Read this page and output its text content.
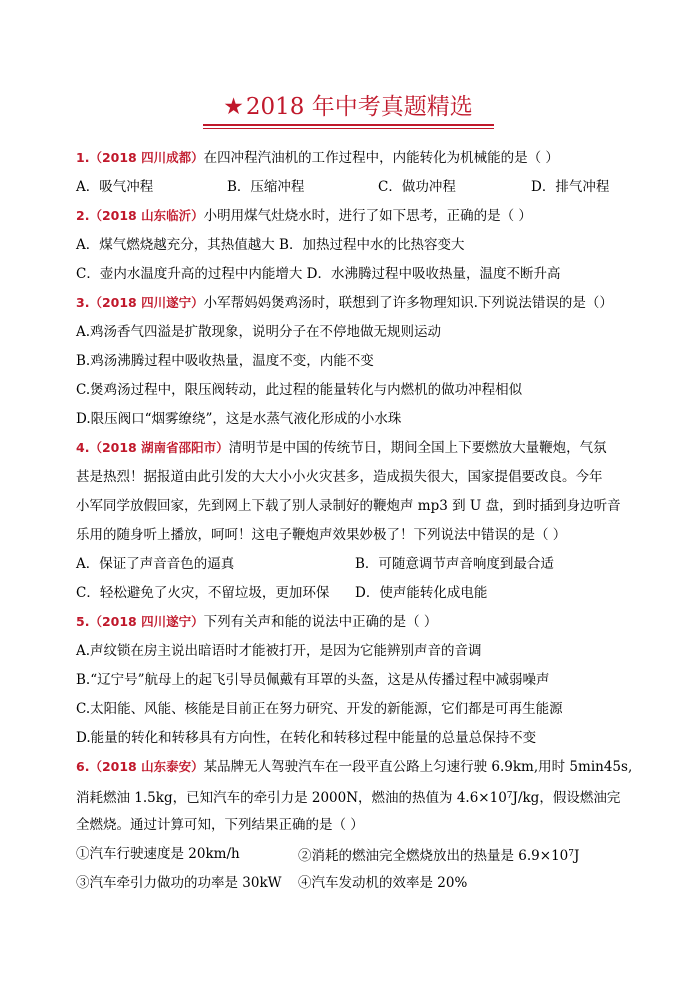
★2018 年中考真题精选
1.（2018 四川成都）在四冲程汽油机的工作过程中，内能转化为机械能的是（ ）
A．吸气冲程	B．压缩冲程	C．做功冲程	D．排气冲程
2.（2018 山东临沂）小明用煤气灶烧水时，进行了如下思考，正确的是（ ）
A．煤气燃烧越充分，其热值越大 B．加热过程中水的比热容变大
C．壶内水温度升高的过程中内能增大 D．水沸腾过程中吸收热量，温度不断升高
3.（2018 四川遂宁）小军帮妈妈煲鸡汤时，联想到了许多物理知识.下列说法错误的是（）
A.鸡汤香气四溢是扩散现象，说明分子在不停地做无规则运动
B.鸡汤沸腾过程中吸收热量，温度不变，内能不变
C.煲鸡汤过程中，限压阀转动，此过程的能量转化与内燃机的做功冲程相似
D.限压阀口“烟雾缭绕”，这是水蒸气液化形成的小水珠
4.（2018 湖南省邵阳市）清明节是中国的传统节日，期间全国上下要燃放大量鞭炮，气氛
甚是热烈！据报道由此引发的大大小小火灾甚多，造成损失很大，国家提倡要改良。今年
小军同学放假回家，先到网上下载了别人录制好的鞭炮声 mp3 到 U 盘，到时插到身边听音
乐用的随身听上播放，呵呵！这电子鞭炮声效果妙极了！下列说法中错误的是（ ）
A．保证了声音音色的逼真	B．可随意调节声音响度到最合适
C．轻松避免了火灾，不留垃圾，更加环保	D．使声能转化成电能
5.（2018 四川遂宁）下列有关声和能的说法中正确的是（ ）
A.声纹锁在房主说出暗语时才能被打开，是因为它能辨别声音的音调
B.“辽宁号”航母上的起飞引导员佩戴有耳罩的头盔，这是从传播过程中减弱噪声
C.太阳能、风能、核能是目前正在努力研究、开发的新能源，它们都是可再生能源
D.能量的转化和转移具有方向性，在转化和转移过程中能量的总量总保持不变
6.（2018 山东泰安）某品牌无人驾驶汽车在一段平直公路上匀速行驶 6.9km,用时 5min45s,
消耗燃油 1.5kg，已知汽车的牵引力是 2000N，燃油的热值为 $4.6\times 10^7J/kg$，假设燃油完
全燃烧。通过计算可知，下列结果正确的是（ ）
①汽车行驶速度是 20km/h	②消耗的燃油完全燃烧放出的热量是 $6.9\times 10^7J$
③汽车牵引力做功的功率是 30kW	④汽车发动机的效率是 20%
